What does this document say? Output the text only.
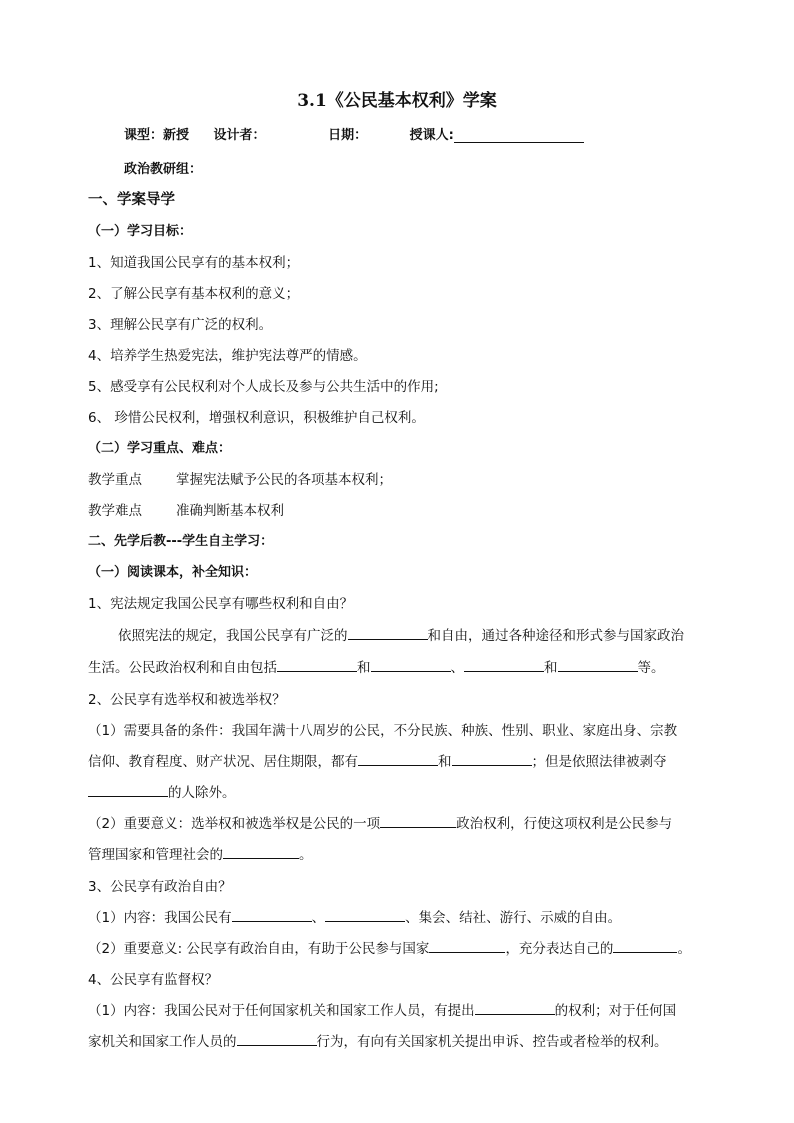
3.1《公民基本权利》学案
课型：新授 设计者：	日期：	授课人:
政治教研组：
一、学案导学
（一）学习目标：
1、知道我国公民享有的基本权利；
2、了解公民享有基本权利的意义；
3、理解公民享有广泛的权利。
4、培养学生热爱宪法，维护宪法尊严的情感。
5、感受享有公民权利对个人成长及参与公共生活中的作用;
6、 珍惜公民权利，增强权利意识，积极维护自己权利。
（二）学习重点、难点：
教学重点	掌握宪法赋予公民的各项基本权利；
教学难点	准确判断基本权利
二、先学后教---学生自主学习：
（一）阅读课本，补全知识：
1、宪法规定我国公民享有哪些权利和自由？
依照宪法的规定，我国公民享有广泛的	和自由，通过各种途径和形式参与国家政治
生活。公民政治权利和自由包括	和	、	和	等。
2、公民享有选举权和被选举权？
（1）需要具备的条件：我国年满十八周岁的公民，不分民族、种族、性别、职业、家庭出身、宗教
信仰、教育程度、财产状况、居住期限，都有	和	；但是依照法律被剥夺
的人除外。
（2）重要意义：选举权和被选举权是公民的一项	政治权利，行使这项权利是公民参与
管理国家和管理社会的	。
3、公民享有政治自由？
（1）内容：我国公民有	、	、集会、结社、游行、示威的自由。
（2）重要意义: 公民享有政治自由，有助于公民参与国家	，充分表达自己的	。
4、公民享有监督权？
（1）内容：我国公民对于任何国家机关和国家工作人员，有提出	的权利；对于任何国
家机关和国家工作人员的	行为，有向有关国家机关提出申诉、控告或者检举的权利。
